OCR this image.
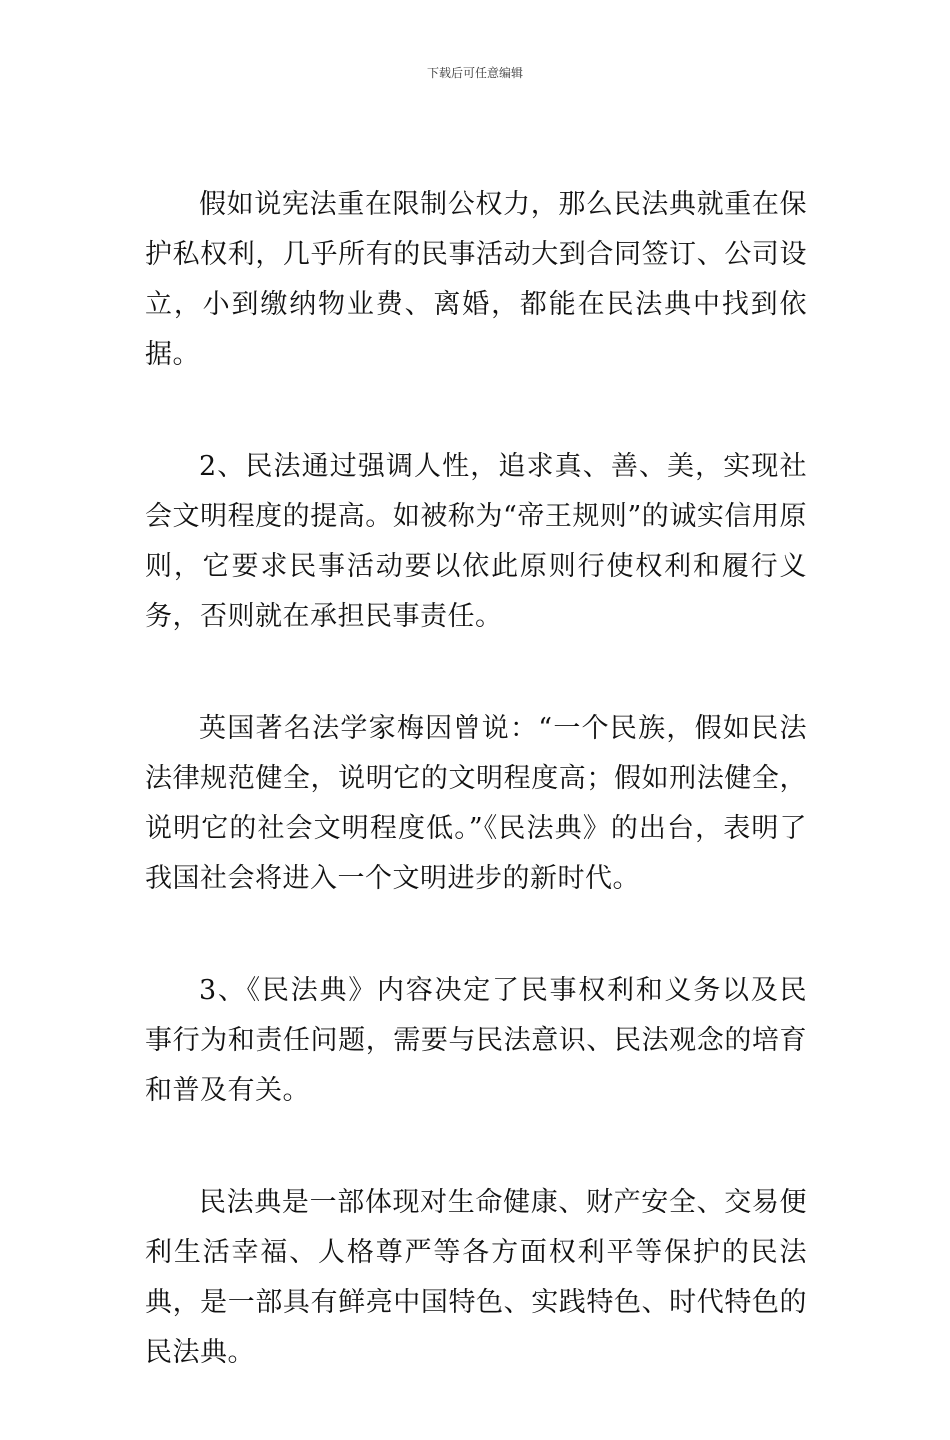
下载后可任意编辑

假如说宪法重在限制公权力，那么民法典就重在保护私权利，几乎所有的民事活动大到合同签订、公司设立，小到缴纳物业费、离婚，都能在民法典中找到依据。

2、民法通过强调人性，追求真、善、美，实现社会文明程度的提高。如被称为“帝王规则”的诚实信用原则，它要求民事活动要以依此原则行使权利和履行义务，否则就在承担民事责任。

英国著名法学家梅因曾说：“一个民族，假如民法法律规范健全，说明它的文明程度高；假如刑法健全，说明它的社会文明程度低。”《民法典》的出台，表明了我国社会将进入一个文明进步的新时代。

3、《民法典》内容决定了民事权利和义务以及民事行为和责任问题，需要与民法意识、民法观念的培育和普及有关。

民法典是一部体现对生命健康、财产安全、交易便利生活幸福、人格尊严等各方面权利平等保护的民法典，是一部具有鲜亮中国特色、实践特色、时代特色的民法典。
